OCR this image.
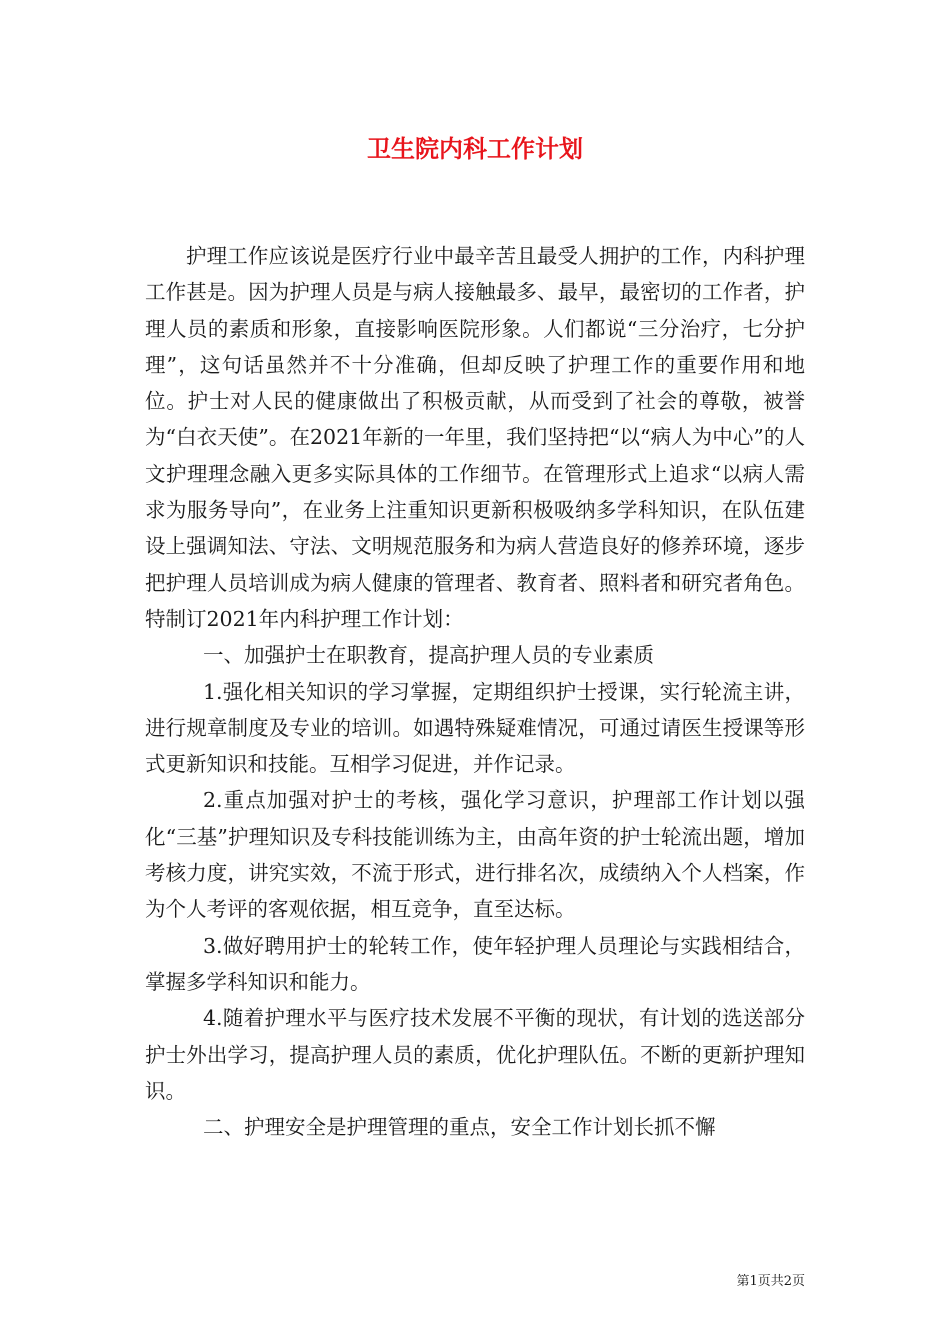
卫生院内科工作计划

护理工作应该说是医疗行业中最辛苦且最受人拥护的工作，内科护理工作甚是。因为护理人员是与病人接触最多、最早，最密切的工作者，护理人员的素质和形象，直接影响医院形象。人们都说“三分治疗，七分护理”，这句话虽然并不十分准确，但却反映了护理工作的重要作用和地位。护士对人民的健康做出了积极贡献，从而受到了社会的尊敬，被誉为“白衣天使”。在2021年新的一年里，我们坚持把“以“病人为中心”的人文护理理念融入更多实际具体的工作细节。在管理形式上追求“以病人需求为服务导向”，在业务上注重知识更新积极吸纳多学科知识，在队伍建设上强调知法、守法、文明规范服务和为病人营造良好的修养环境，逐步把护理人员培训成为病人健康的管理者、教育者、照料者和研究者角色。特制订2021年内科护理工作计划：

一、加强护士在职教育，提高护理人员的专业素质

1.强化相关知识的学习掌握，定期组织护士授课，实行轮流主讲，进行规章制度及专业的培训。如遇特殊疑难情况，可通过请医生授课等形式更新知识和技能。互相学习促进，并作记录。

2.重点加强对护士的考核，强化学习意识，护理部工作计划以强化“三基”护理知识及专科技能训练为主，由高年资的护士轮流出题，增加考核力度，讲究实效，不流于形式，进行排名次，成绩纳入个人档案，作为个人考评的客观依据，相互竞争，直至达标。

3.做好聘用护士的轮转工作，使年轻护理人员理论与实践相结合，掌握多学科知识和能力。

4.随着护理水平与医疗技术发展不平衡的现状，有计划的选送部分护士外出学习，提高护理人员的素质，优化护理队伍。不断的更新护理知识。

二、护理安全是护理管理的重点，安全工作计划长抓不懈

第1页共2页
